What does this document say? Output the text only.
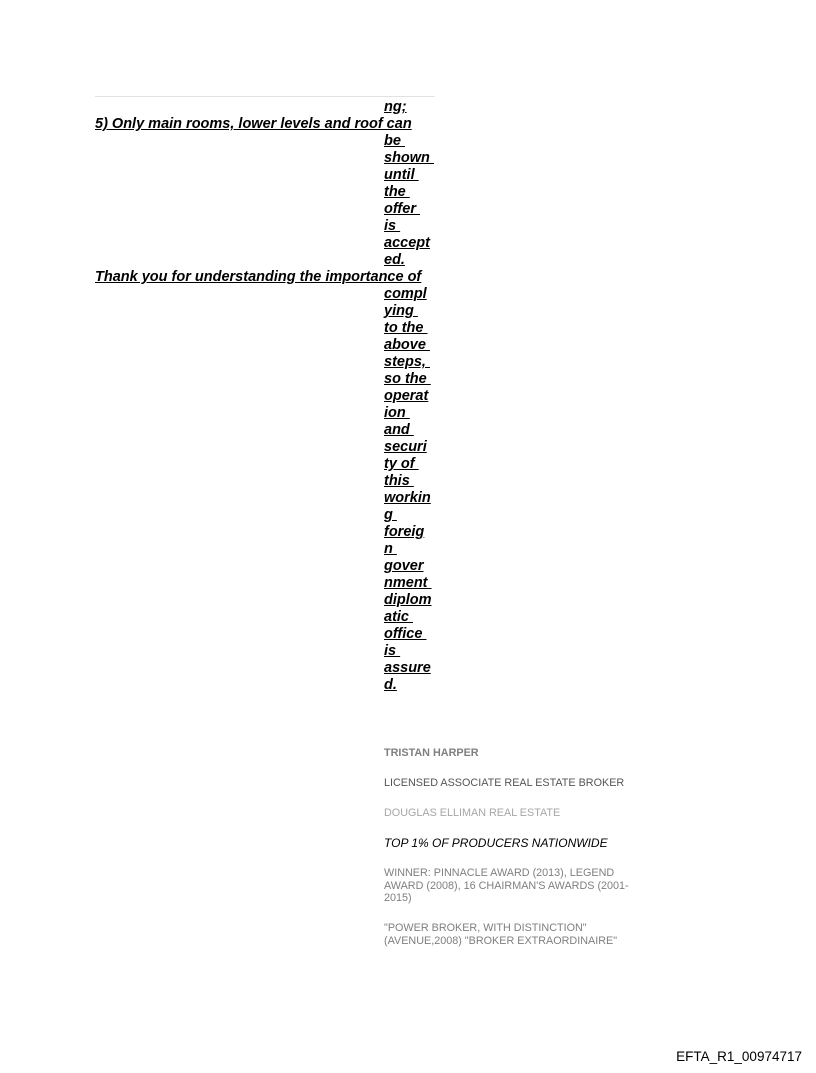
ng;
5) Only main rooms, lower levels and roof can
be
shown
until
the
offer
is
accept
ed.
Thank you for understanding the importance of
compl
ying
to the
above
steps,
so the
operat
ion
and
securi
ty of
this
workin
g
foreig
n
gover
nment
diplom
atic
office
is
assure
d.
TRISTAN HARPER
LICENSED ASSOCIATE REAL ESTATE BROKER
DOUGLAS ELLIMAN REAL ESTATE
TOP 1% OF PRODUCERS NATIONWIDE
WINNER: PINNACLE AWARD (2013), LEGEND AWARD (2008), 16 CHAIRMAN'S AWARDS (2001-2015)
"POWER BROKER, WITH DISTINCTION" (AVENUE,2008) "BROKER EXTRAORDINAIRE"
EFTA_R1_00974717
